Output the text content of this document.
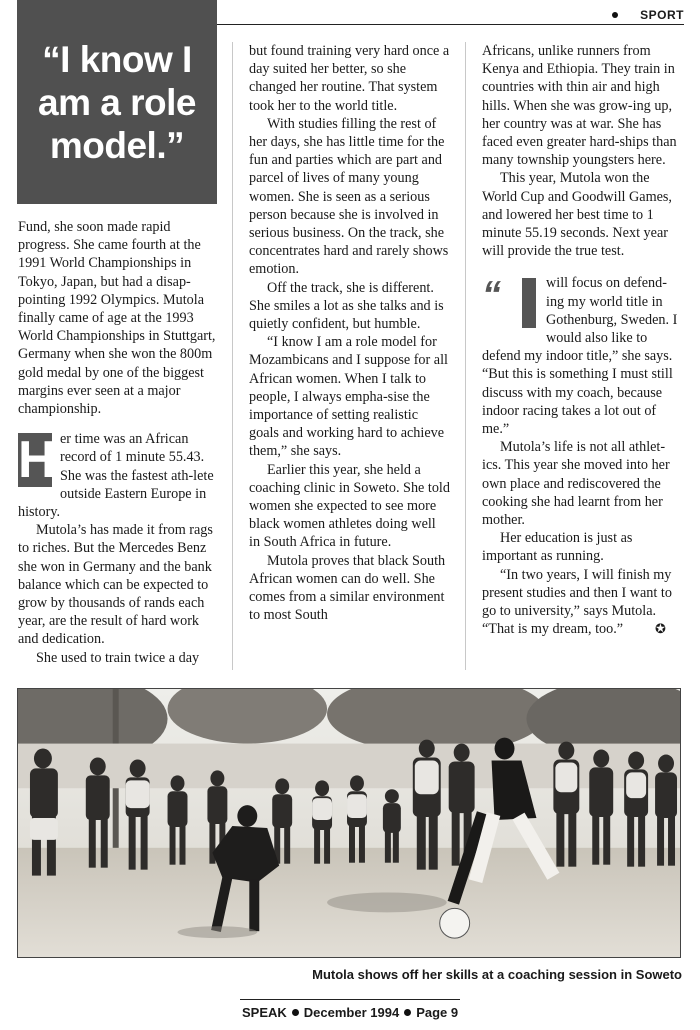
SPORT
“I know I am a role model.”

Fund, she soon made rapid progress. She came fourth at the 1991 World Championships in Tokyo, Japan, but had a disap-pointing 1992 Olympics. Mutola finally came of age at the 1993 World Championships in Stuttgart, Germany when she won the 800m gold medal by one of the biggest margins ever seen at a major championship.

H er time was an African record of 1 minute 55.43. She was the fastest ath-lete outside Eastern Europe in history.

Mutola’s has made it from rags to riches. But the Mercedes Benz she won in Germany and the bank balance which can be expected to grow by thousands of rands each year, are the result of hard work and dedication.

She used to train twice a day

but found training very hard once a day suited her better, so she changed her routine. That system took her to the world title.

With studies filling the rest of her days, she has little time for the fun and parties which are part and parcel of lives of many young women. She is seen as a serious person because she is involved in serious business. On the track, she concentrates hard and rarely shows emotion.

Off the track, she is different. She smiles a lot as she talks and is quietly confident, but humble.

“I know I am a role model for Mozambicans and I suppose for all African women. When I talk to people, I always empha-sise the importance of setting realistic goals and working hard to achieve them,” she says.

Earlier this year, she held a coaching clinic in Soweto. She told women she expected to see more black women athletes doing well in South Africa in future.

Mutola proves that black South African women can do well. She comes from a similar environment to most South

Africans, unlike runners from Kenya and Ethiopia. They train in countries with thin air and high hills. When she was grow-ing up, her country was at war. She has faced even greater hard-ships than many township youngsters here.

This year, Mutola won the World Cup and Goodwill Games, and lowered her best time to 1 minute 55.19 seconds. Next year will provide the true test.

“	will focus on defend-ing my world title in Gothenburg, Sweden. I would also like to defend my indoor title,” she says. “But this is something I must still discuss with my coach, because indoor racing takes a lot out of me.”

Mutola’s life is not all athlet-ics. This year she moved into her own place and rediscovered the cooking she had learnt from her mother.

Her education is just as important as running.

“In two years, I will finish my present studies and then I want to go to university,” says Mutola. “That is my dream, too.” ✪

Mutola shows off her skills at a coaching session in Soweto
SPEAK December 1994 Page 9
